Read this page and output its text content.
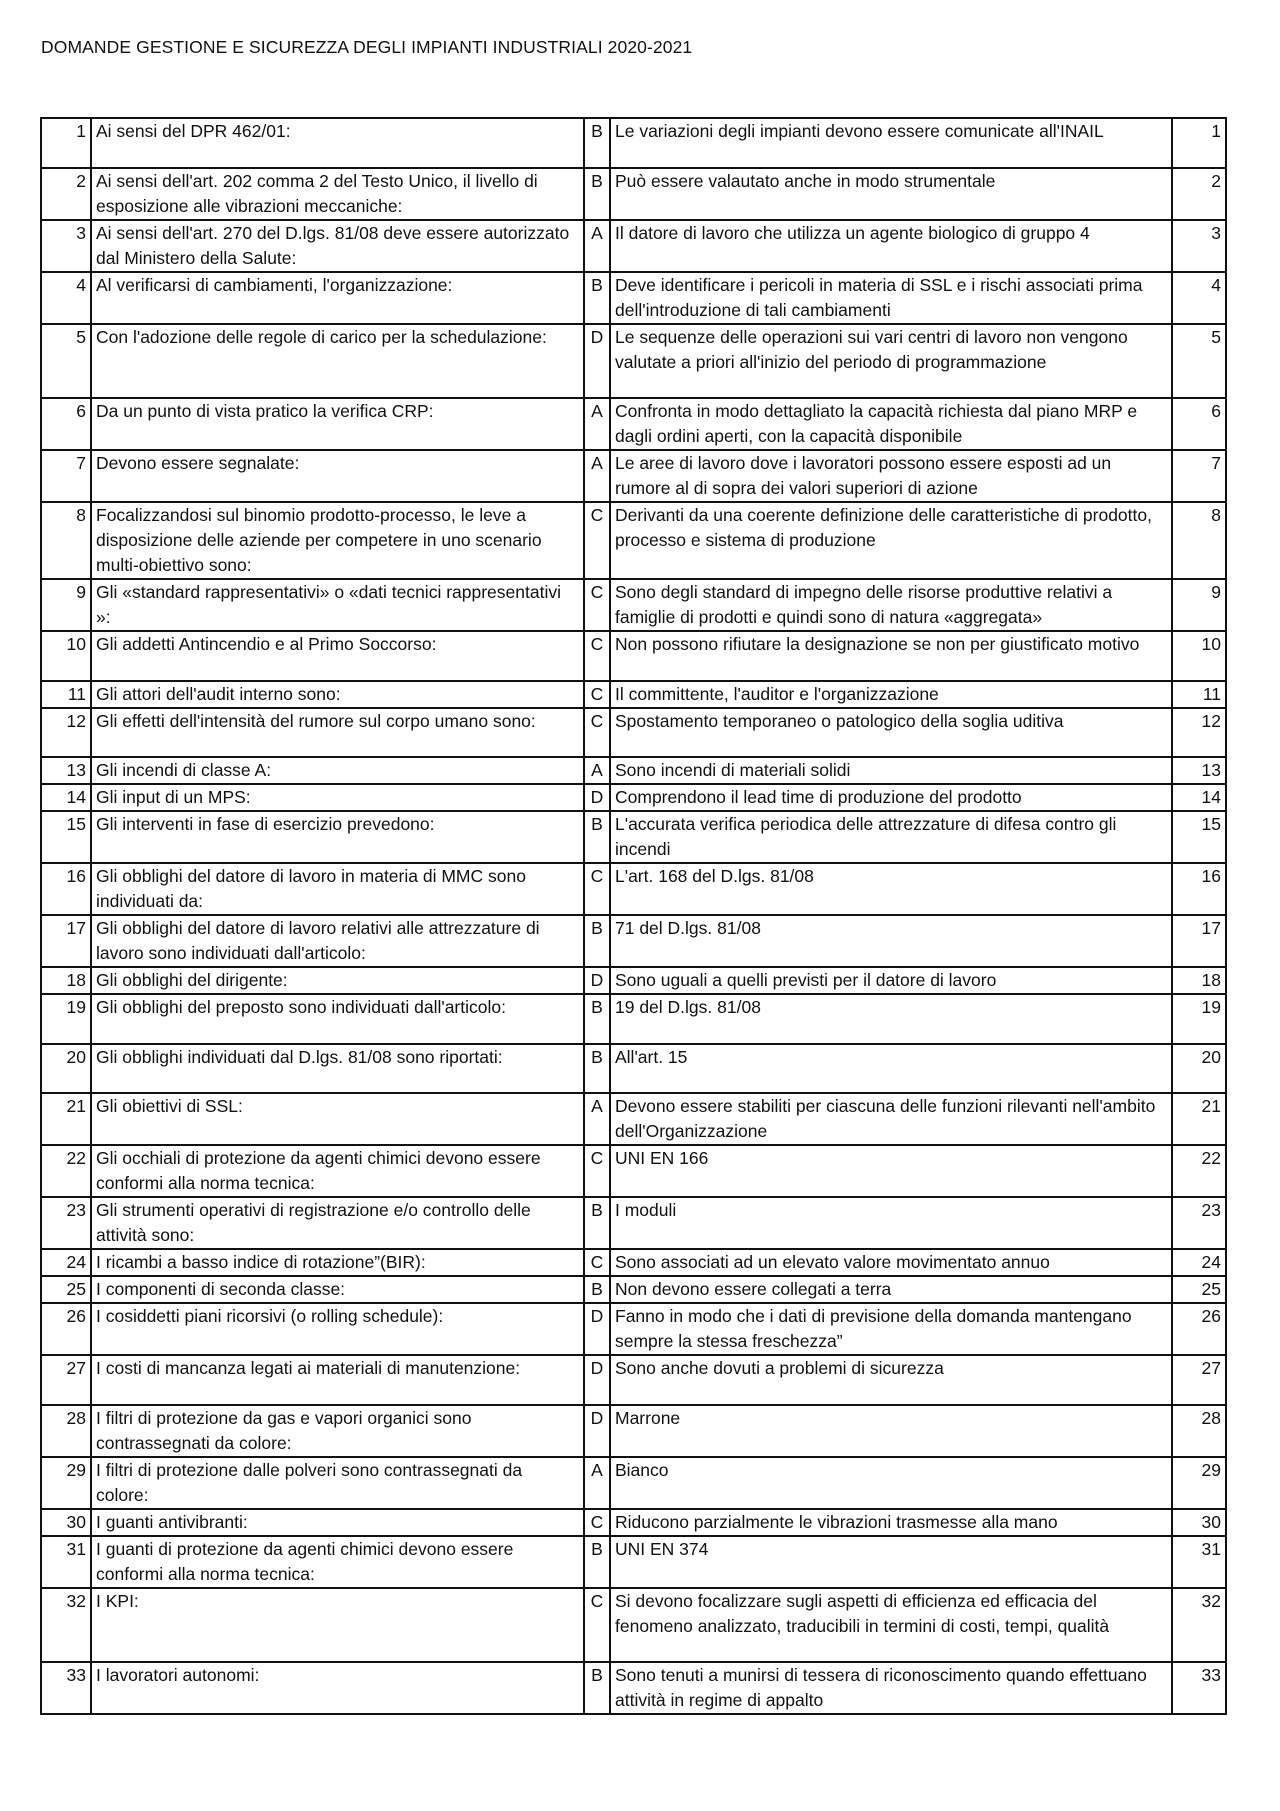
DOMANDE GESTIONE E SICUREZZA DEGLI IMPIANTI INDUSTRIALI 2020-2021
1	Ai sensi del DPR 462/01:	B	Le variazioni degli impianti devono essere comunicate all'INAIL	1
2	Ai sensi dell'art. 202 comma 2 del Testo Unico, il livello di esposizione alle vibrazioni meccaniche:	B	Può essere valautato anche in modo strumentale	2
3	Ai sensi dell'art. 270 del D.lgs. 81/08 deve essere autorizzato dal Ministero della Salute:	A	Il datore di lavoro che utilizza un agente biologico di gruppo 4	3
4	Al verificarsi di cambiamenti, l'organizzazione:	B	Deve identificare i pericoli in materia di SSL e i rischi associati prima dell'introduzione di tali cambiamenti	4
5	Con l'adozione delle regole di carico per la schedulazione:	D	Le sequenze delle operazioni sui vari centri di lavoro non vengono valutate a priori all'inizio del periodo di programmazione	5
6	Da un punto di vista pratico la verifica CRP:	A	Confronta in modo dettagliato la capacità richiesta dal piano MRP e dagli ordini aperti, con la capacità disponibile	6
7	Devono essere segnalate:	A	Le aree di lavoro dove i lavoratori possono essere esposti ad un rumore al di sopra dei valori superiori di azione	7
8	Focalizzandosi sul binomio prodotto-processo, le leve a disposizione delle aziende per competere in uno scenario multi-obiettivo sono:	C	Derivanti da una coerente definizione delle caratteristiche di prodotto, processo e sistema di produzione	8
9	Gli «standard rappresentativi» o «dati tecnici rappresentativi »:	C	Sono degli standard di impegno delle risorse produttive relativi a famiglie di prodotti e quindi sono di natura «aggregata»	9
10	Gli addetti Antincendio e al Primo Soccorso:	C	Non possono rifiutare la designazione se non per giustificato motivo	10
11	Gli attori dell'audit interno sono:	C	Il committente, l'auditor e l'organizzazione	11
12	Gli effetti dell'intensità del rumore sul corpo umano sono:	C	Spostamento temporaneo o patologico della soglia uditiva	12
13	Gli incendi di classe A:	A	Sono incendi di materiali solidi	13
14	Gli input di un MPS:	D	Comprendono il lead time di produzione del prodotto	14
15	Gli interventi in fase di esercizio prevedono:	B	L'accurata verifica periodica delle attrezzature di difesa contro gli incendi	15
16	Gli obblighi del datore di lavoro in materia di MMC sono individuati da:	C	L'art. 168 del D.lgs. 81/08	16
17	Gli obblighi del datore di lavoro relativi alle attrezzature di lavoro sono individuati dall'articolo:	B	71 del D.lgs. 81/08	17
18	Gli obblighi del dirigente:	D	Sono uguali a quelli previsti per il datore di lavoro	18
19	Gli obblighi del preposto sono individuati dall'articolo:	B	19 del D.lgs. 81/08	19
20	Gli obblighi individuati dal D.lgs. 81/08 sono riportati:	B	All'art. 15	20
21	Gli obiettivi di SSL:	A	Devono essere stabiliti per ciascuna delle funzioni rilevanti nell'ambito dell'Organizzazione	21
22	Gli occhiali di protezione da agenti chimici devono essere conformi alla norma tecnica:	C	UNI EN 166	22
23	Gli strumenti operativi di registrazione e/o controllo delle attività sono:	B	I moduli	23
24	I ricambi a basso indice di rotazione”(BIR):	C	Sono associati ad un elevato valore movimentato annuo	24
25	I componenti di seconda classe:	B	Non devono essere collegati a terra	25
26	I cosiddetti piani ricorsivi (o rolling schedule):	D	Fanno in modo che i dati di previsione della domanda mantengano sempre la stessa freschezza”	26
27	I costi di mancanza legati ai materiali di manutenzione:	D	Sono anche dovuti a problemi di sicurezza	27
28	I filtri di protezione da gas e vapori organici sono contrassegnati da colore:	D	Marrone	28
29	I filtri di protezione dalle polveri sono contrassegnati da colore:	A	Bianco	29
30	I guanti antivibranti:	C	Riducono parzialmente le vibrazioni trasmesse alla mano	30
31	I guanti di protezione da agenti chimici devono essere conformi alla norma tecnica:	B	UNI EN 374	31
32	I KPI:	C	Si devono focalizzare sugli aspetti di efficienza ed efficacia del fenomeno analizzato, traducibili in termini di costi, tempi, qualità	32
33	I lavoratori autonomi:	B	Sono tenuti a munirsi di tessera di riconoscimento quando effettuano attività in regime di appalto	33
